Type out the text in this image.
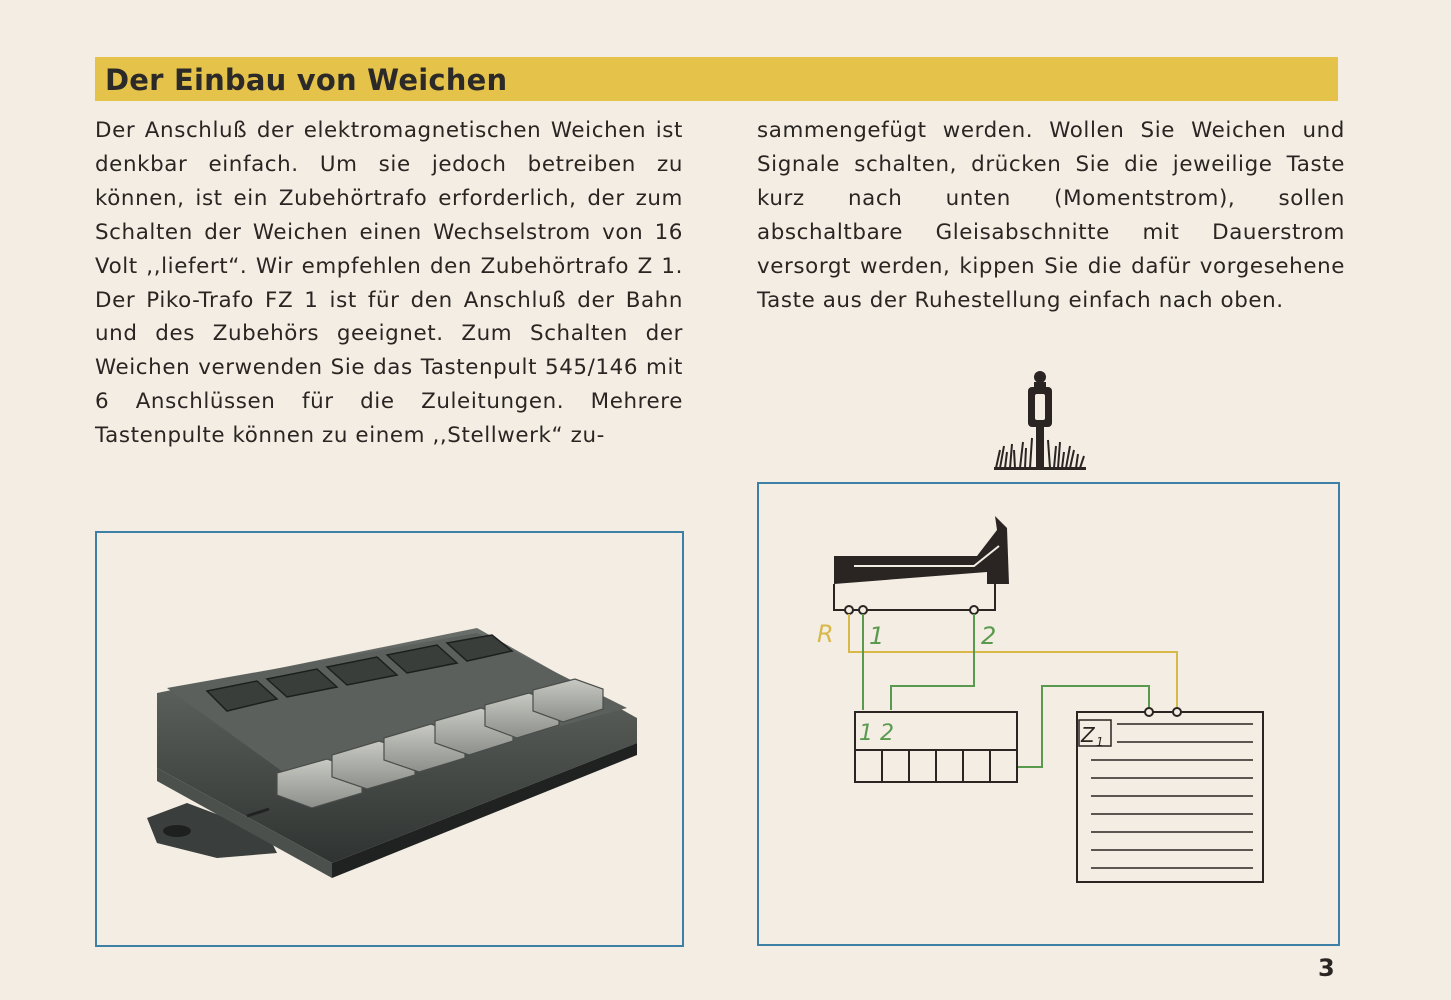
Der Einbau von Weichen

Der Anschluß der elektromagnetischen Weichen ist denkbar einfach. Um sie jedoch betreiben zu können, ist ein Zubehörtrafo erforderlich, der zum Schalten der Weichen einen Wechselstrom von 16 Volt ,,liefert“. Wir empfehlen den Zubehörtrafo Z 1. Der Piko-Trafo FZ 1 ist für den Anschluß der Bahn und des Zubehörs geeignet. Zum Schalten der Weichen verwenden Sie das Tastenpult 545/146 mit 6 Anschlüssen für die Zuleitungen. Mehrere Tastenpulte können zu einem ,,Stellwerk“ zu-

sammengefügt werden. Wollen Sie Weichen und Signale schalten, drücken Sie die jeweilige Taste kurz nach unten (Momentstrom), sollen abschaltbare Gleisabschnitte mit Dauerstrom versorgt werden, kippen Sie die dafür vorgesehene Taste aus der Ruhestellung einfach nach oben.

R 1	2
1 2	Z 1
3
